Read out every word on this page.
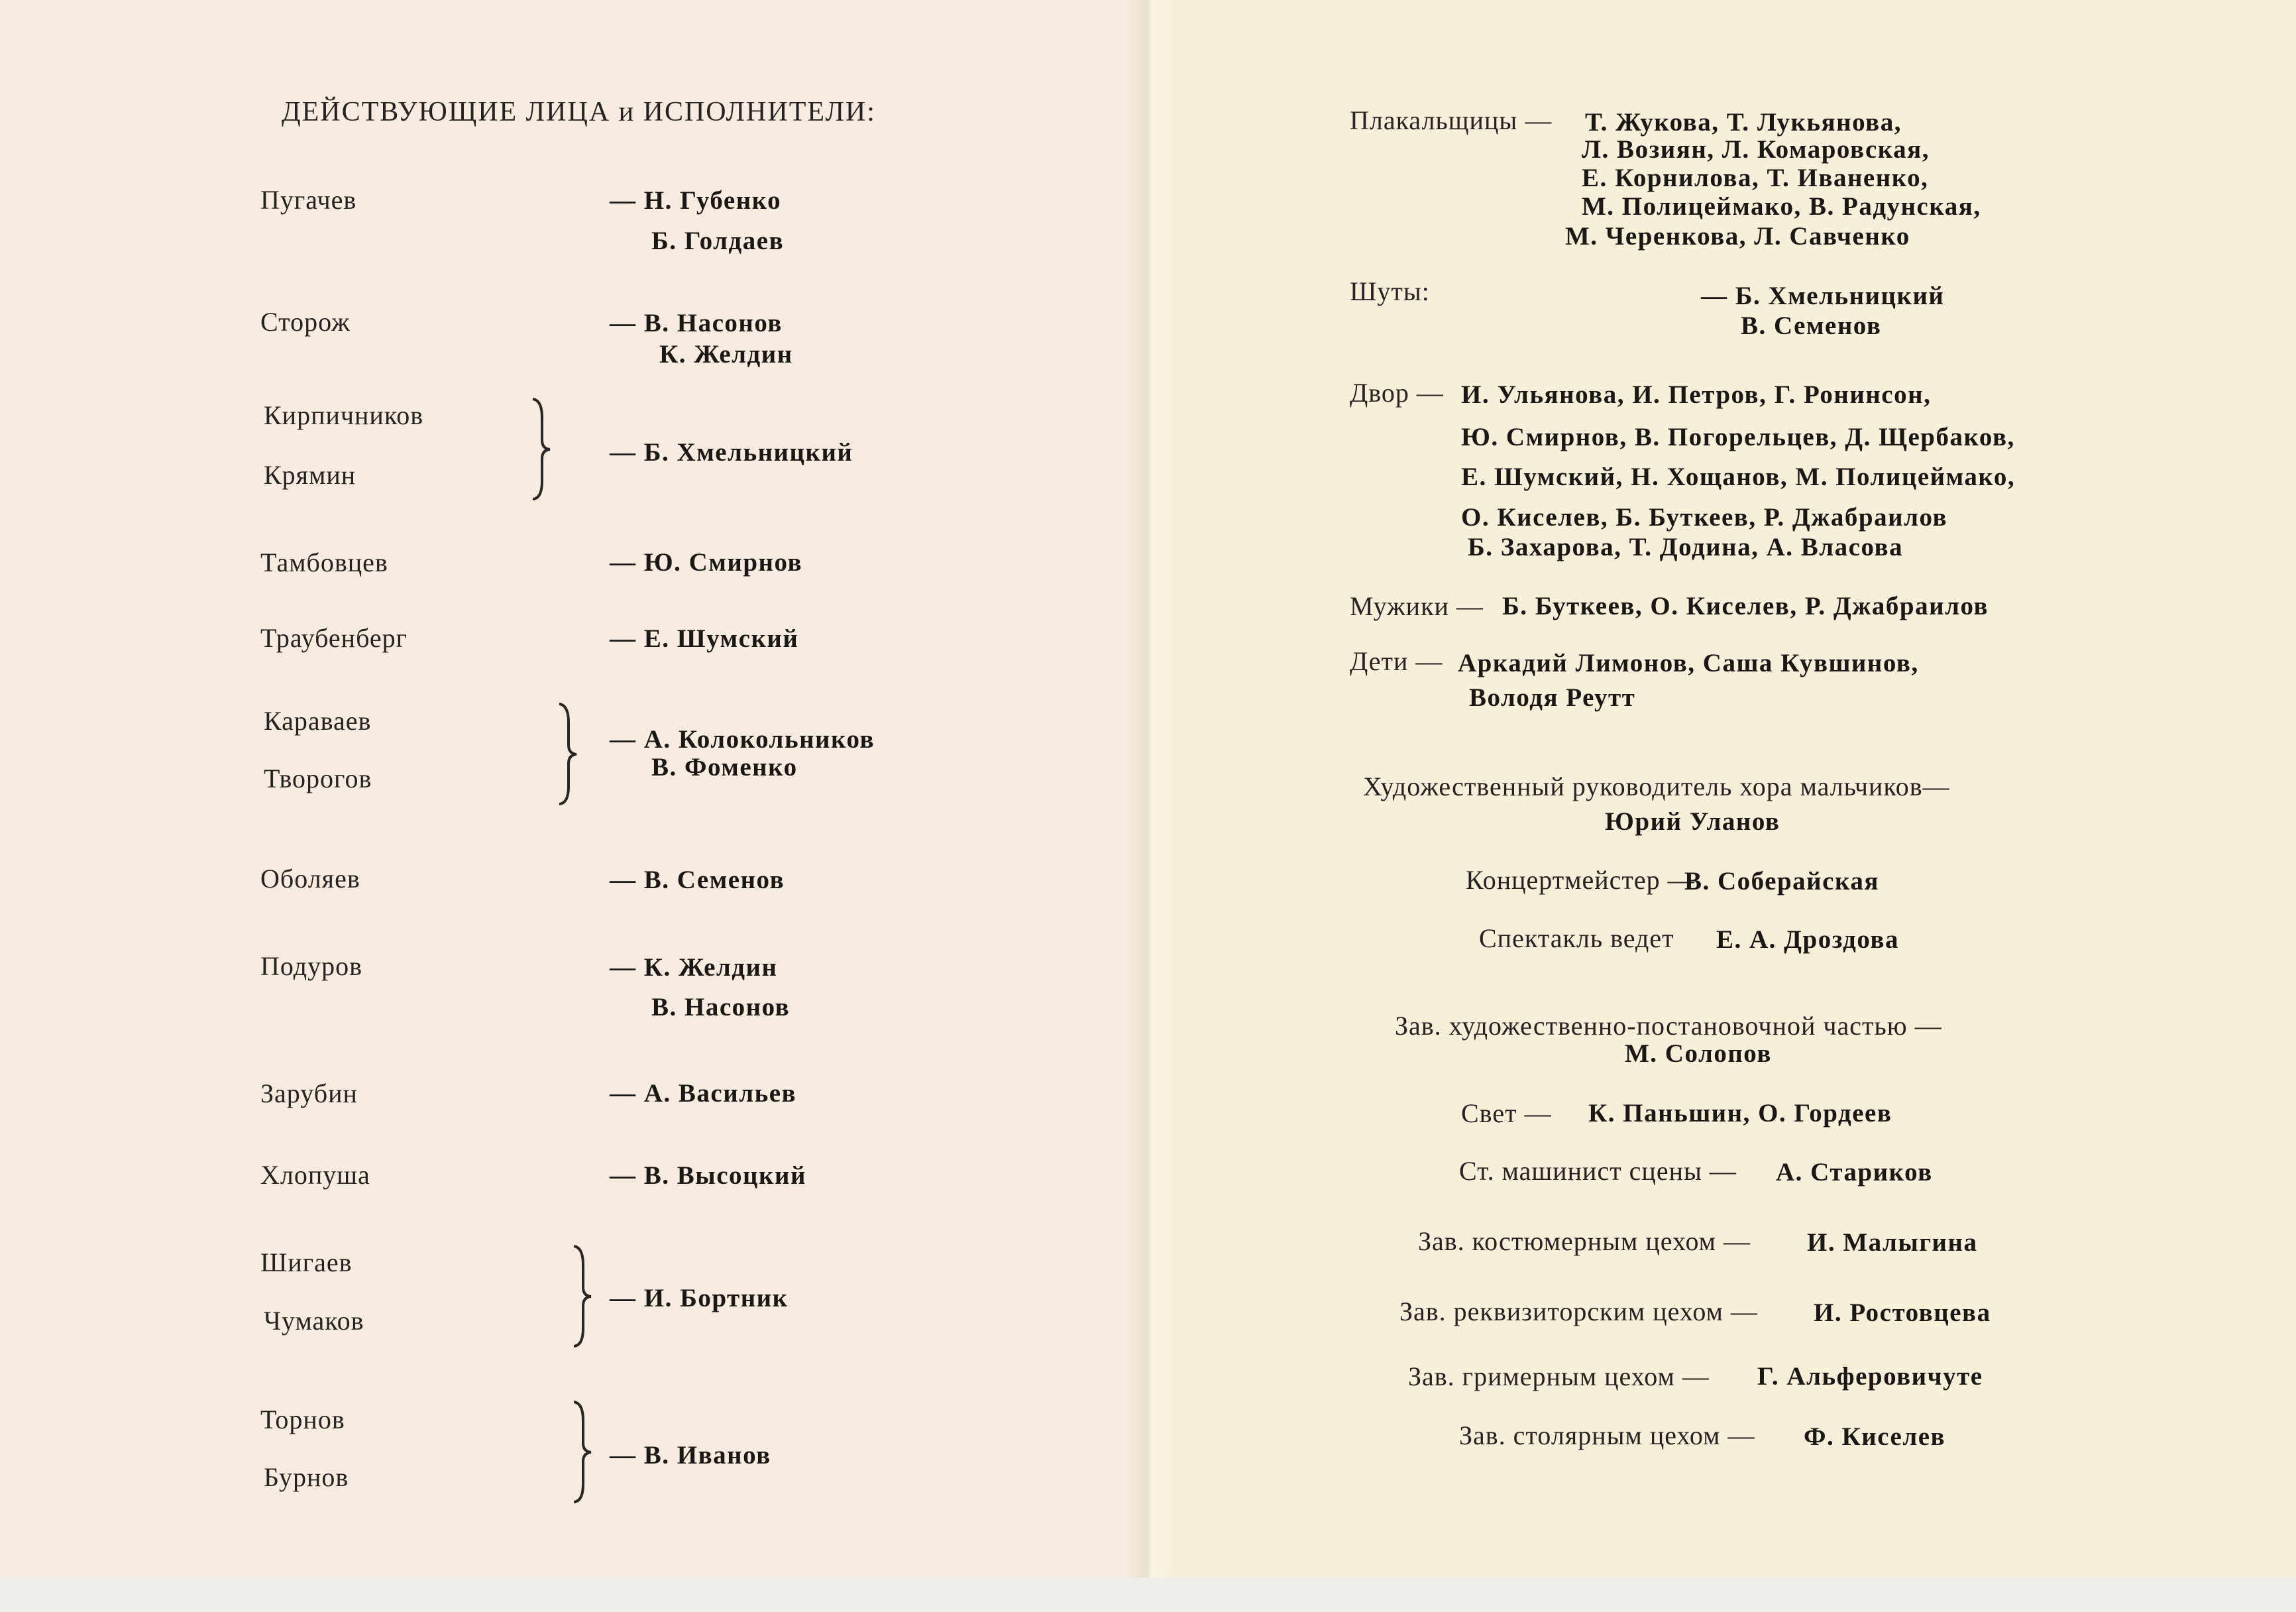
ДЕЙСТВУЮЩИЕ ЛИЦА и ИСПОЛНИТЕЛИ:
Пугачев	— Н. Губенко
Б. Голдаев
Сторож	— В. Насонов
К. Желдин
Кирпичников
Крямин
— Б. Хмельницкий
Тамбовцев	— Ю. Смирнов
Траубенберг	— Е. Шумский
Караваев
Творогов
— А. Колокольников
В. Фоменко
Оболяев	— В. Семенов
Подуров	— К. Желдин
В. Насонов
Зарубин	— А. Васильев
Хлопуша	— В. Высоцкий
Шигаев
Чумаков
— И. Бортник
Торнов
Бурнов
— В. Иванов
Плакальщицы — Т. Жукова, Т. Лукьянова,
Л. Возиян, Л. Комаровская,
Е. Корнилова, Т. Иваненко,
М. Полицеймако, В. Радунская,
М. Черенкова, Л. Савченко
Шуты:	— Б. Хмельницкий
В. Семенов
Двор — И. Ульянова, И. Петров, Г. Ронинсон,
Ю. Смирнов, В. Погорельцев, Д. Щербаков,
Е. Шумский, Н. Хощанов, М. Полицеймако,
О. Киселев, Б. Буткеев, Р. Джабраилов
Б. Захарова, Т. Додина, А. Власова
Мужики — Б. Буткеев, О. Киселев, Р. Джабраилов
Дети — Аркадий Лимонов, Саша Кувшинов,
Володя Реутт
Художественный руководитель хора мальчиков—
Юрий Уланов
Концертмейстер —
В. Соберайская
Спектакль ведет Е. А. Дроздова
Зав. художественно-постановочной частью —
М. Солопов
Свет — К. Паньшин, О. Гордеев
Ст. машинист сцены — А. Стариков
Зав. костюмерным цехом — И. Малыгина
Зав. реквизиторским цехом — И. Ростовцева
Зав. гримерным цехом — Г. Альферовичуте
Зав. столярным цехом — Ф. Киселев
